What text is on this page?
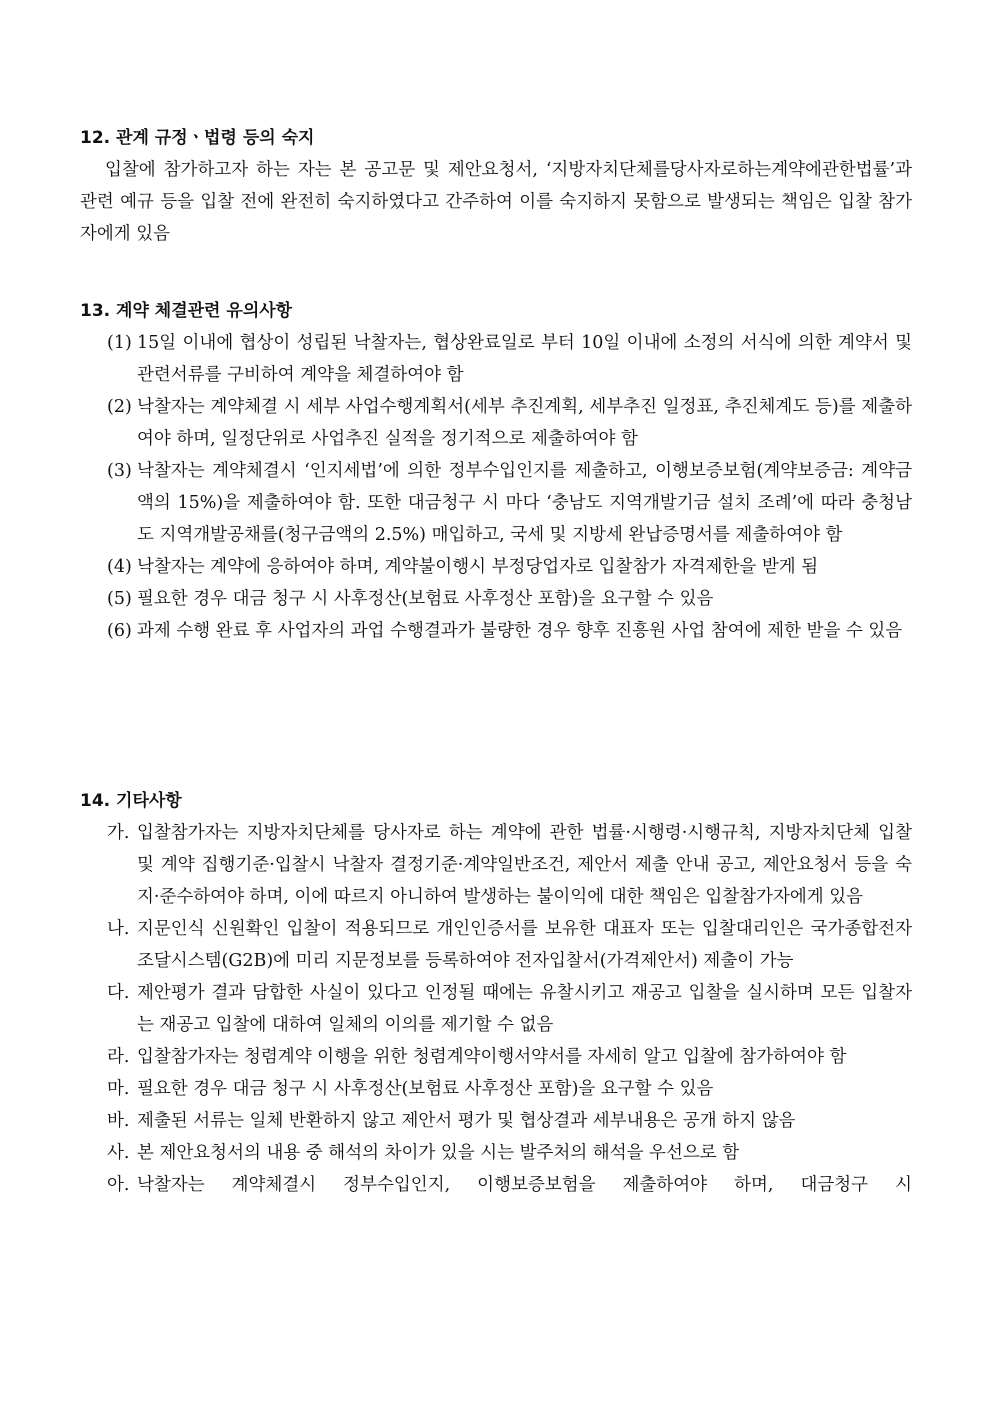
12. 관계 규정ㆍ법령 등의 숙지

입찰에 참가하고자 하는 자는 본 공고문 및 제안요청서, ‘지방자치단체를당사자로하는계약에관한법률’과 관련 예규 등을 입찰 전에 완전히 숙지하였다고 간주하여 이를 숙지하지 못함으로 발생되는 책임은 입찰 참가자에게 있음

13. 계약 체결관련 유의사항
(1) 15일 이내에 협상이 성립된 낙찰자는, 협상완료일로 부터 10일 이내에 소정의 서식에 의한 계약서 및 관련서류를 구비하여 계약을 체결하여야 함
(2) 낙찰자는 계약체결 시 세부 사업수행계획서(세부 추진계획, 세부추진 일정표, 추진체계도 등)를 제출하여야 하며, 일정단위로 사업추진 실적을 정기적으로 제출하여야 함
(3) 낙찰자는 계약체결시 ‘인지세법’에 의한 정부수입인지를 제출하고, 이행보증보험(계약보증금: 계약금액의 15%)을 제출하여야 함. 또한 대금청구 시 마다 ‘충남도 지역개발기금 설치 조례’에 따라 충청남도 지역개발공채를(청구금액의 2.5%) 매입하고, 국세 및 지방세 완납증명서를 제출하여야 함
(4) 낙찰자는 계약에 응하여야 하며, 계약불이행시 부정당업자로 입찰참가 자격제한을 받게 됨
(5) 필요한 경우 대금 청구 시 사후정산(보험료 사후정산 포함)을 요구할 수 있음
(6) 과제 수행 완료 후 사업자의 과업 수행결과가 불량한 경우 향후 진흥원 사업 참여에 제한 받을 수 있음
14. 기타사항
가. 입찰참가자는 지방자치단체를 당사자로 하는 계약에 관한 법률·시행령·시행규칙, 지방자치단체 입찰 및 계약 집행기준·입찰시 낙찰자 결정기준·계약일반조건, 제안서 제출 안내 공고, 제안요청서 등을 숙지·준수하여야 하며, 이에 따르지 아니하여 발생하는 불이익에 대한 책임은 입찰참가자에게 있음
나. 지문인식 신원확인 입찰이 적용되므로 개인인증서를 보유한 대표자 또는 입찰대리인은 국가종합전자조달시스템(G2B)에 미리 지문정보를 등록하여야 전자입찰서(가격제안서) 제출이 가능
다. 제안평가 결과 담합한 사실이 있다고 인정될 때에는 유찰시키고 재공고 입찰을 실시하며 모든 입찰자는 재공고 입찰에 대하여 일체의 이의를 제기할 수 없음
라. 입찰참가자는 청렴계약 이행을 위한 청렴계약이행서약서를 자세히 알고 입찰에 참가하여야 함
마. 필요한 경우 대금 청구 시 사후정산(보험료 사후정산 포함)을 요구할 수 있음
바. 제출된 서류는 일체 반환하지 않고 제안서 평가 및 협상결과 세부내용은 공개 하지 않음
사. 본 제안요청서의 내용 중 해석의 차이가 있을 시는 발주처의 해석을 우선으로 함
아. 낙찰자는 계약체결시 정부수입인지, 이행보증보험을 제출하여야 하며, 대금청구 시
